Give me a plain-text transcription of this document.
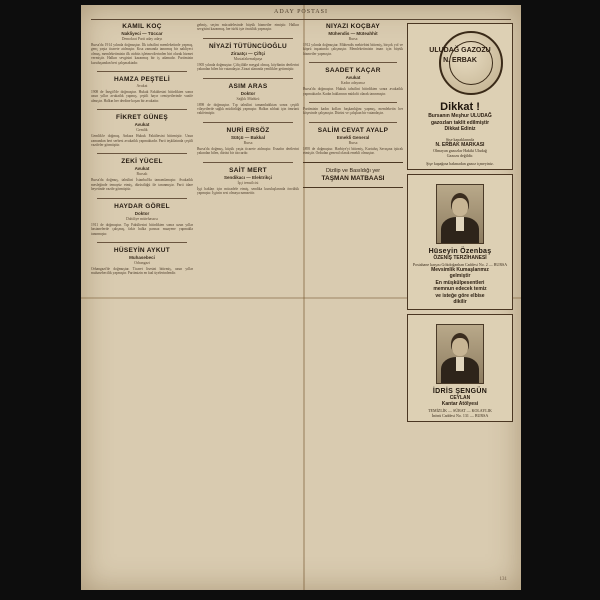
ADAY POSTASI
KÂMİL KOÇ
Nakliyeci — Tüccar
Demokrat Parti aday adayı
Bursa'da 1914 yılında doğmuştur. İlk tahsilini memleketinde yapmış, genç yaşta ticarete atılmıştır. Kısa zamanda tanınmış bir nakliyeci olmuş, memleketimizin ilk otobüs işletmecilerinden biri olarak hizmet vermiştir. Halkın sevgisini kazanmış bir iş adamıdır. Partimizin kuruluşundan beri çalışmaktadır.
HAMZA PEŞTELİ
Avukat
1908 de İnegöl'de doğmuştur. Hukuk Fakültesini bitirdikten sonra uzun yıllar avukatlık yapmış, çeşitli hayır cemiyetlerinde vazife almıştır. Halkın her derdine koşan bir avukattır.
FİKRET GÜNEŞ
Avukat
Gemlik
Gemlik'te doğmuş, Ankara Hukuk Fakültesini bitirmiştir. Uzun zamandan beri serbest avukatlık yapmaktadır. Parti teşkilatında çeşitli vazifeler görmüştür.
ZEKİ YÜCEL
Avukat
Bursalı
Bursa'da doğmuş, tahsilini İstanbul'da tamamlamıştır. Avukatlık mesleğinde temayüz etmiş, dürüstlüğü ile tanınmıştır. Parti idare heyetinde vazife görmüştür.
HAYDAR GÖREL
Doktor
Dahiliye mütehassısı
1911 de doğmuştur. Tıp Fakültesini bitirdikten sonra uzun yıllar hastanelerde çalışmış, fakir halka parasız muayene yapmakla tanınmıştır.
HÜSEYİN AYKUT
Muhasebeci
Orhangazi
Orhangazi'de doğmuştur. Ticaret lisesini bitirmiş, uzun yıllar muhasebecilik yapmıştır. Partimizin en faal üyelerindendir.
gelmiş, seçim mücadelesinde büyük hizmetler etmiştir. Halkın sevgisini kazanmış, her türlü işte öncülük yapmıştır.
NİYAZİ TÜTÜNCÜOĞLU
Ziraatçı — Çiftçi
Mustafakemalpaşa
1905 yılında doğmuştur. Çiftçilikle meşgul olmuş, köylünün dertlerini yakından bilen bir vatandaştır. Ziraat alanında yenilikler getirmiştir.
ASIM ARAS
Doktor
Sağlık Müdürü
1898 de doğmuştur. Tıp tahsilini tamamladıktan sonra çeşitli vilayetlerde sağlık müdürlüğü yapmıştır. Halkın sıhhati için ömrünü vakfetmiştir.
NURİ ERSÖZ
Sütçü — Bakkal
Bursa
Bursa'da doğmuş, küçük yaşta ticarete atılmıştır. Esnafın dertlerini yakından bilen, dürüst bir tüccardır.
SAİT MERT
Sendikacı — Elektrikçi
İşçi temsilcisi
İşçi hakları için mücadele etmiş, sendika kuruluşlarında öncülük yapmıştır. İşçinin sesi olmaya namzettir.
NİYAZİ KOÇBAY
Mühendis — Müteahhit
Bursa
1912 yılında doğmuştur. Mühendis mektebini bitirmiş, birçok yol ve köprü inşaatında çalışmıştır. Memleketimizin imarı için büyük hizmetler yapmıştır.
SAADET KAÇAR
Avukat
Kadın adayımız
Bursa'da doğmuştur. Hukuk tahsilini bitirdikten sonra avukatlık yapmaktadır. Kadın haklarının müdafii olarak tanınmıştır.
Partimizin kadın kolları başkanlığını yapmış, memleketin her köşesinde çalışmıştır. Dürüst ve çalışkan bir vatandaştır.
SALİM CEVAT AYALP
Emekli General
Bursa
1895 de doğmuştur. Harbiye'yi bitirmiş, Kurtuluş Savaşına iştirak etmiştir. Ordudan general olarak emekli olmuştur.
Dizilip ve Basıldığı yer
TAŞMAN MATBAASI
ULUDAĞ GAZOZU
N. ERBAK
Dikkat !
Bursanın Meşhur ULUDAĞ
gazozları taklit edilmiştir
Dikkat Ediniz
Şişe kapaklarında
N. ERBAK MARKASI
Olmayan gazozlar Hakiki Uludağ
Gazozu değildir.
Şişe kapağına bakmadan gazoz içmeyiniz.
Hüseyin Özenbaş
ÖZENİŞ TERZİHANESİ
Postahane karşısı Gökdoğanhan Caddesi No. 2 — BURSA
Mevsimlik Kumaşlarımız
gelmiştir
En müşkülpesentleri
memnun edecek temiz
ve isteğe göre elbise
dikilir
İDRİS ŞENGÜN
CEYLAN
Kantar Atölyesi
TEMİZLİK — SÜRAT — KOLAYLIK
İnönü Caddesi No. 131 — BURSA
131
